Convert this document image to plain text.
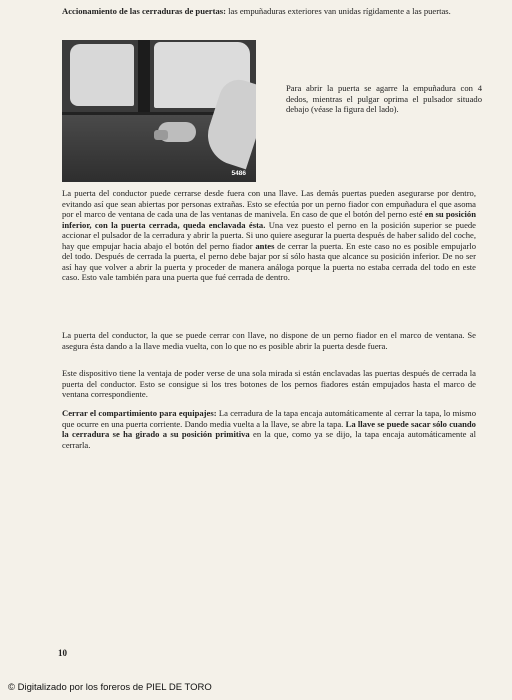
Accionamiento de las cerraduras de puertas: las empuñaduras exteriores van unidas rígidamente a las puertas.
5486
Para abrir la puerta se agarre la empuñadura con 4 dedos, mientras el pulgar oprima el pulsador situado debajo (véase la figura del lado).

La puerta del conductor puede cerrarse desde fuera con una llave. Las demás puertas pueden asegurarse por dentro, evitando así que sean abiertas por personas extrañas. Esto se efectúa por un perno fiador con empuñadura el que asoma por el marco de ventana de cada una de las ventanas de manivela. En caso de que el botón del perno esté en su posición inferior, con la puerta cerrada, queda enclavada ésta. Una vez puesto el perno en la posición superior se puede accionar el pulsador de la cerradura y abrir la puerta. Si uno quiere asegurar la puerta después de haber salido del coche, hay que empujar hacia abajo el botón del perno fiador antes de cerrar la puerta. En este caso no es posible empujarlo del todo. Después de cerrada la puerta, el perno debe bajar por sí sólo hasta que alcance su posición inferior. De no ser así hay que volver a abrir la puerta y proceder de manera análoga porque la puerta no estaba cerrada del todo en este caso. Esto vale también para una puerta que fué cerrada de dentro.

La puerta del conductor, la que se puede cerrar con llave, no dispone de un perno fiador en el marco de ventana. Se asegura ésta dando a la llave media vuelta, con lo que no es posible abrir la puerta desde fuera.

Este dispositivo tiene la ventaja de poder verse de una sola mirada si están enclavadas las puertas después de cerrada la puerta del conductor. Esto se consigue si los tres botones de los pernos fiadores están empujados hasta el marco de ventana correspondiente.

Cerrar el compartimiento para equipajes: La cerradura de la tapa encaja automáticamente al cerrar la tapa, lo mismo que ocurre en una puerta corriente. Dando media vuelta a la llave, se abre la tapa. La llave se puede sacar sólo cuando la cerradura se ha girado a su posición primitiva en la que, como ya se dijo, la tapa encaja automáticamente al cerrarla.

10
© Digitalizado por los foreros de PIEL DE TORO
